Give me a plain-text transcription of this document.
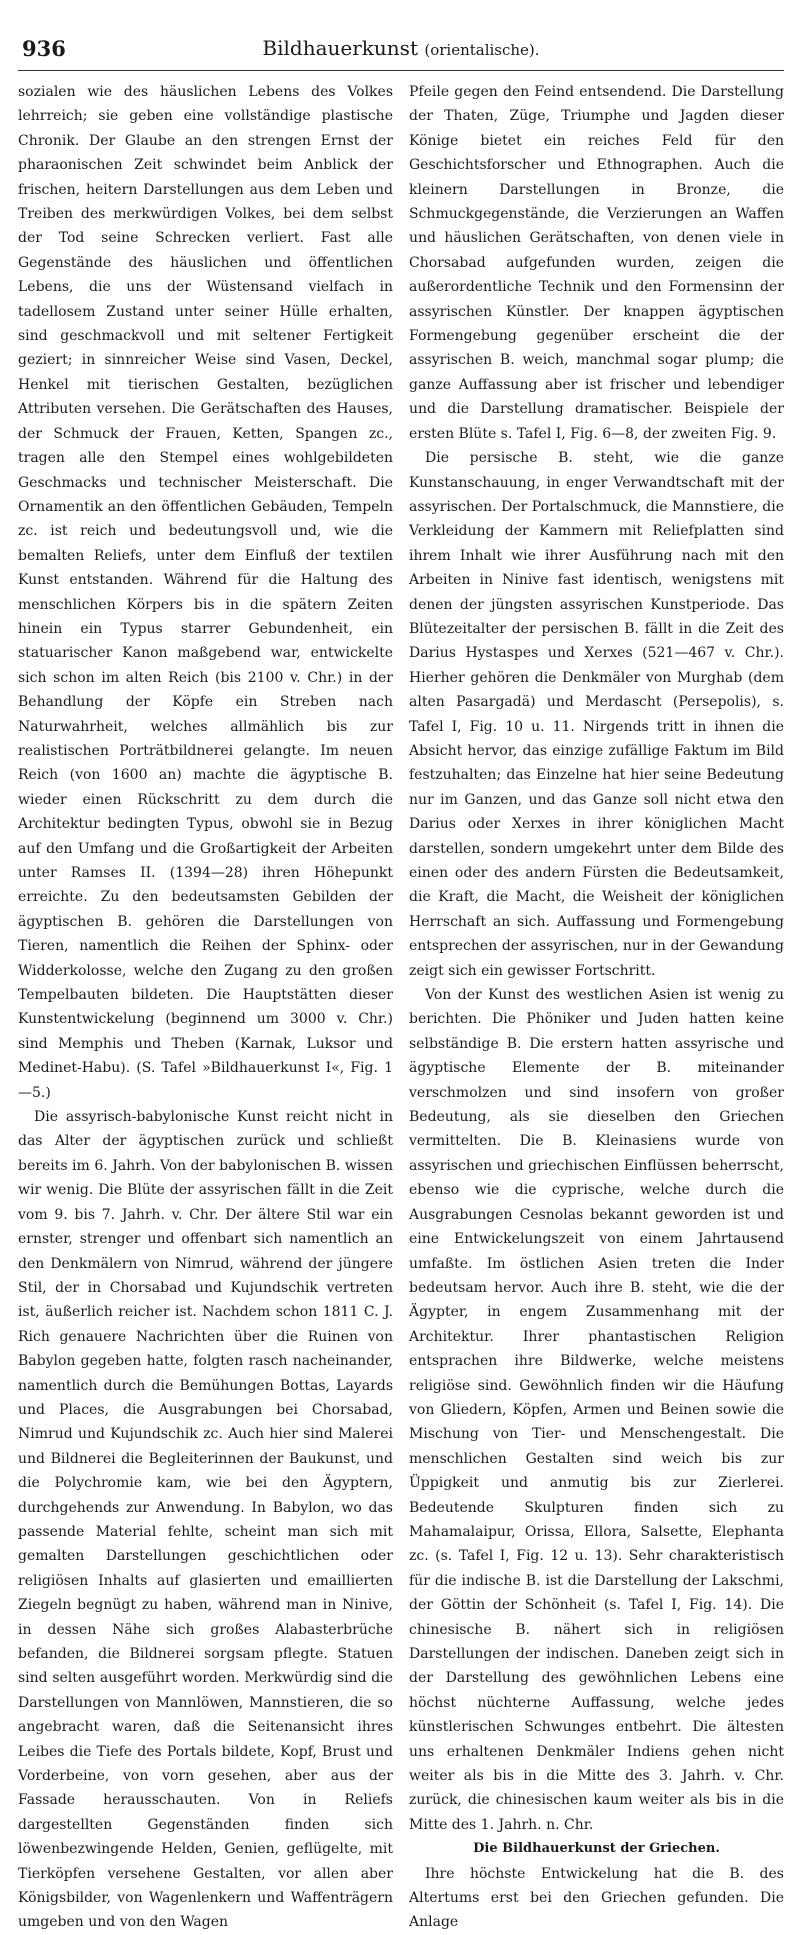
936	Bildhauerkunst (orientalische).

sozialen wie des häuslichen Lebens des Volkes lehrreich; sie geben eine vollständige plastische Chronik. Der Glaube an den strengen Ernst der pharaonischen Zeit schwindet beim Anblick der frischen, heitern Darstellungen aus dem Leben und Treiben des merkwürdigen Volkes, bei dem selbst der Tod seine Schrecken verliert. Fast alle Gegenstände des häuslichen und öffentlichen Lebens, die uns der Wüstensand vielfach in tadellosem Zustand unter seiner Hülle erhalten, sind geschmackvoll und mit seltener Fertigkeit geziert; in sinnreicher Weise sind Vasen, Deckel, Henkel mit tierischen Gestalten, bezüglichen Attributen versehen. Die Gerätschaften des Hauses, der Schmuck der Frauen, Ketten, Spangen zc., tragen alle den Stempel eines wohlgebildeten Geschmacks und technischer Meisterschaft. Die Ornamentik an den öffentlichen Gebäuden, Tempeln zc. ist reich und bedeutungsvoll und, wie die bemalten Reliefs, unter dem Einfluß der textilen Kunst entstanden. Während für die Haltung des menschlichen Körpers bis in die spätern Zeiten hinein ein Typus starrer Gebundenheit, ein statuarischer Kanon maßgebend war, entwickelte sich schon im alten Reich (bis 2100 v. Chr.) in der Behandlung der Köpfe ein Streben nach Naturwahrheit, welches allmählich bis zur realistischen Porträtbildnerei gelangte. Im neuen Reich (von 1600 an) machte die ägyptische B. wieder einen Rückschritt zu dem durch die Architektur bedingten Typus, obwohl sie in Bezug auf den Umfang und die Großartigkeit der Arbeiten unter Ramses II. (1394—28) ihren Höhepunkt erreichte. Zu den bedeutsamsten Gebilden der ägyptischen B. gehören die Darstellungen von Tieren, namentlich die Reihen der Sphinx- oder Widderkolosse, welche den Zugang zu den großen Tempelbauten bildeten. Die Hauptstätten dieser Kunstentwickelung (beginnend um 3000 v. Chr.) sind Memphis und Theben (Karnak, Luksor und Medinet-Habu). (S. Tafel »Bildhauerkunst I«, Fig. 1—5.)

Die assyrisch-babylonische Kunst reicht nicht in das Alter der ägyptischen zurück und schließt bereits im 6. Jahrh. Von der babylonischen B. wissen wir wenig. Die Blüte der assyrischen fällt in die Zeit vom 9. bis 7. Jahrh. v. Chr. Der ältere Stil war ein ernster, strenger und offenbart sich namentlich an den Denkmälern von Nimrud, während der jüngere Stil, der in Chorsabad und Kujundschik vertreten ist, äußerlich reicher ist. Nachdem schon 1811 C. J. Rich genauere Nachrichten über die Ruinen von Babylon gegeben hatte, folgten rasch nacheinander, namentlich durch die Bemühungen Bottas, Layards und Places, die Ausgrabungen bei Chorsabad, Nimrud und Kujundschik zc. Auch hier sind Malerei und Bildnerei die Begleiterinnen der Baukunst, und die Polychromie kam, wie bei den Ägyptern, durchgehends zur Anwendung. In Babylon, wo das passende Material fehlte, scheint man sich mit gemalten Darstellungen geschichtlichen oder religiösen Inhalts auf glasierten und emaillierten Ziegeln begnügt zu haben, während man in Ninive, in dessen Nähe sich großes Alabasterbrüche befanden, die Bildnerei sorgsam pflegte. Statuen sind selten ausgeführt worden. Merkwürdig sind die Darstellungen von Mannlöwen, Mannstieren, die so angebracht waren, daß die Seitenansicht ihres Leibes die Tiefe des Portals bildete, Kopf, Brust und Vorderbeine, von vorn gesehen, aber aus der Fassade herausschauten. Von in Reliefs dargestellten Gegenständen finden sich löwenbezwingende Helden, Genien, geflügelte, mit Tierköpfen versehene Gestalten, vor allen aber Königsbilder, von Wagenlenkern und Waffenträgern umgeben und von den Wagen

Pfeile gegen den Feind entsendend. Die Darstellung der Thaten, Züge, Triumphe und Jagden dieser Könige bietet ein reiches Feld für den Geschichtsforscher und Ethnographen. Auch die kleinern Darstellungen in Bronze, die Schmuckgegenstände, die Verzierungen an Waffen und häuslichen Gerätschaften, von denen viele in Chorsabad aufgefunden wurden, zeigen die außerordentliche Technik und den Formensinn der assyrischen Künstler. Der knappen ägyptischen Formengebung gegenüber erscheint die der assyrischen B. weich, manchmal sogar plump; die ganze Auffassung aber ist frischer und lebendiger und die Darstellung dramatischer. Beispiele der ersten Blüte s. Tafel I, Fig. 6—8, der zweiten Fig. 9.

Die persische B. steht, wie die ganze Kunstanschauung, in enger Verwandtschaft mit der assyrischen. Der Portalschmuck, die Mannstiere, die Verkleidung der Kammern mit Reliefplatten sind ihrem Inhalt wie ihrer Ausführung nach mit den Arbeiten in Ninive fast identisch, wenigstens mit denen der jüngsten assyrischen Kunstperiode. Das Blütezeitalter der persischen B. fällt in die Zeit des Darius Hystaspes und Xerxes (521—467 v. Chr.). Hierher gehören die Denkmäler von Murghab (dem alten Pasargadä) und Merdascht (Persepolis), s. Tafel I, Fig. 10 u. 11. Nirgends tritt in ihnen die Absicht hervor, das einzige zufällige Faktum im Bild festzuhalten; das Einzelne hat hier seine Bedeutung nur im Ganzen, und das Ganze soll nicht etwa den Darius oder Xerxes in ihrer königlichen Macht darstellen, sondern umgekehrt unter dem Bilde des einen oder des andern Fürsten die Bedeutsamkeit, die Kraft, die Macht, die Weisheit der königlichen Herrschaft an sich. Auffassung und Formengebung entsprechen der assyrischen, nur in der Gewandung zeigt sich ein gewisser Fortschritt.

Von der Kunst des westlichen Asien ist wenig zu berichten. Die Phöniker und Juden hatten keine selbständige B. Die erstern hatten assyrische und ägyptische Elemente der B. miteinander verschmolzen und sind insofern von großer Bedeutung, als sie dieselben den Griechen vermittelten. Die B. Kleinasiens wurde von assyrischen und griechischen Einflüssen beherrscht, ebenso wie die cyprische, welche durch die Ausgrabungen Cesnolas bekannt geworden ist und eine Entwickelungszeit von einem Jahrtausend umfaßte. Im östlichen Asien treten die Inder bedeutsam hervor. Auch ihre B. steht, wie die der Ägypter, in engem Zusammenhang mit der Architektur. Ihrer phantastischen Religion entsprachen ihre Bildwerke, welche meistens religiöse sind. Gewöhnlich finden wir die Häufung von Gliedern, Köpfen, Armen und Beinen sowie die Mischung von Tier- und Menschengestalt. Die menschlichen Gestalten sind weich bis zur Üppigkeit und anmutig bis zur Zierlerei. Bedeutende Skulpturen finden sich zu Mahamalaipur, Orissa, Ellora, Salsette, Elephanta zc. (s. Tafel I, Fig. 12 u. 13). Sehr charakteristisch für die indische B. ist die Darstellung der Lakschmi, der Göttin der Schönheit (s. Tafel I, Fig. 14). Die chinesische B. nähert sich in religiösen Darstellungen der indischen. Daneben zeigt sich in der Darstellung des gewöhnlichen Lebens eine höchst nüchterne Auffassung, welche jedes künstlerischen Schwunges entbehrt. Die ältesten uns erhaltenen Denkmäler Indiens gehen nicht weiter als bis in die Mitte des 3. Jahrh. v. Chr. zurück, die chinesischen kaum weiter als bis in die Mitte des 1. Jahrh. n. Chr.

Die Bildhauerkunst der Griechen.

Ihre höchste Entwickelung hat die B. des Altertums erst bei den Griechen gefunden. Die Anlage
